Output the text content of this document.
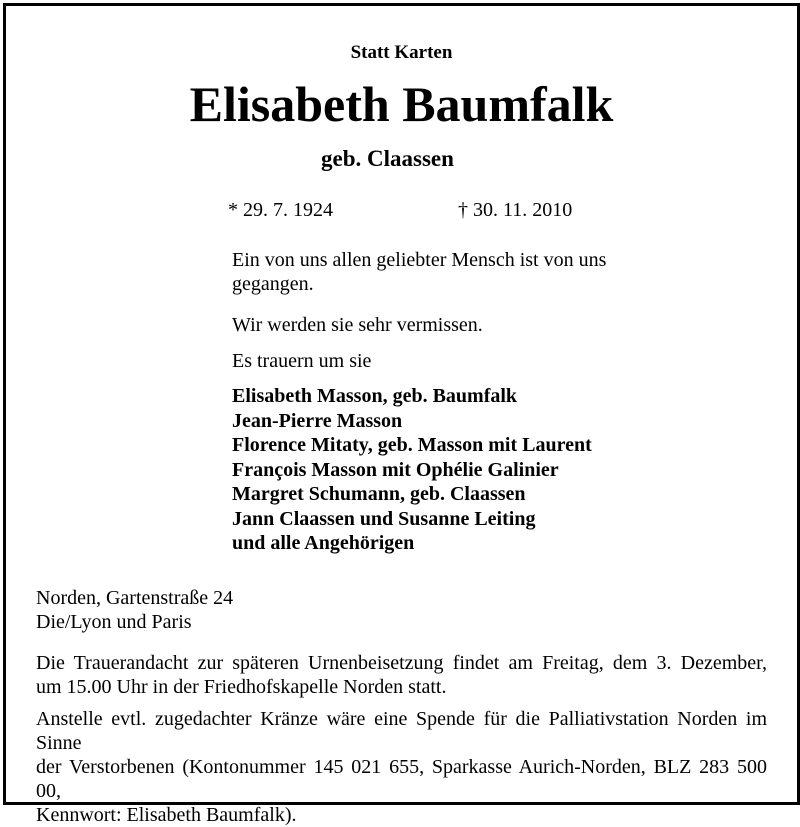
Statt Karten
Elisabeth Baumfalk
geb. Claassen
* 29. 7. 1924	† 30. 11. 2010
Ein von uns allen geliebter Mensch ist von uns gegangen.
Wir werden sie sehr vermissen.
Es trauern um sie
Elisabeth Masson, geb. Baumfalk
Jean-Pierre Masson
Florence Mitaty, geb. Masson mit Laurent
François Masson mit Ophélie Galinier
Margret Schumann, geb. Claassen
Jann Claassen und Susanne Leiting
und alle Angehörigen
Norden, Gartenstraße 24
Die/Lyon und Paris
Die Trauerandacht zur späteren Urnenbeisetzung findet am Freitag, dem 3. Dezember,
um 15.00 Uhr in der Friedhofskapelle Norden statt.
Anstelle evtl. zugedachter Kränze wäre eine Spende für die Palliativstation Norden im Sinne
der Verstorbenen (Kontonummer 145 021 655, Sparkasse Aurich-Norden, BLZ 283 500 00,
Kennwort: Elisabeth Baumfalk).
